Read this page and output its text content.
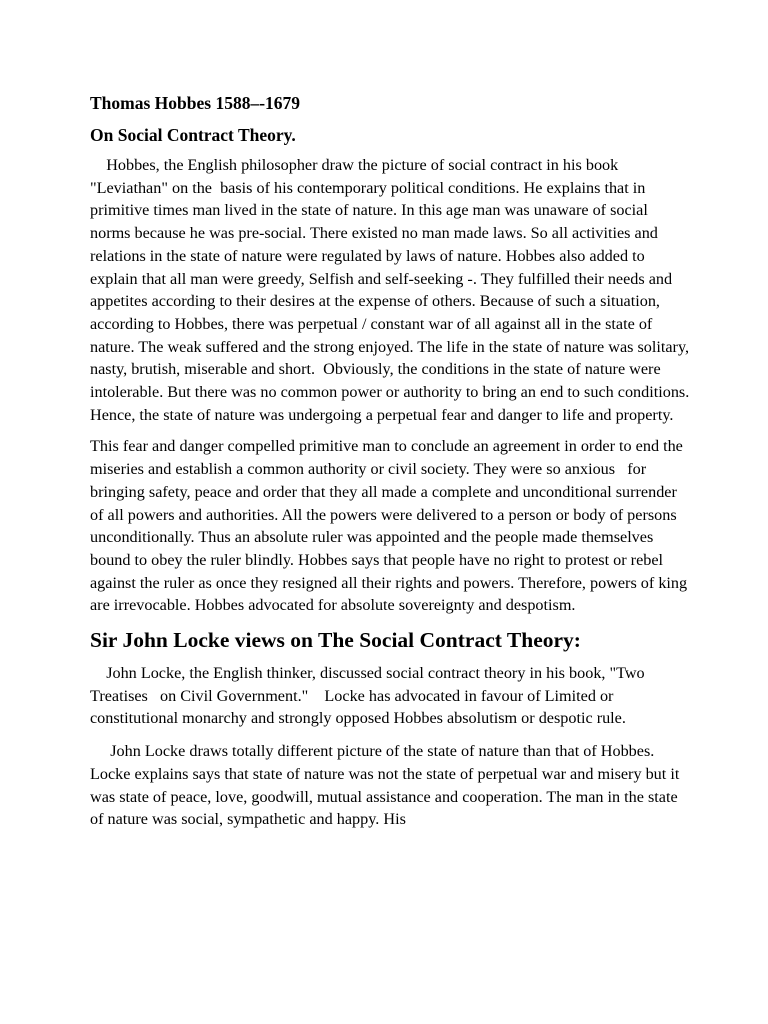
Thomas Hobbes 1588–-1679
On Social Contract Theory.

Hobbes, the English philosopher draw the picture of social contract in his book "Leviathan" on the  basis of his contemporary political conditions. He explains that in primitive times man lived in the state of nature. In this age man was unaware of social norms because he was pre-social. There existed no man made laws. So all activities and relations in the state of nature were regulated by laws of nature. Hobbes also added to explain that all man were greedy, Selfish and self-seeking -. They fulfilled their needs and appetites according to their desires at the expense of others. Because of such a situation, according to Hobbes, there was perpetual / constant war of all against all in the state of nature. The weak suffered and the strong enjoyed. The life in the state of nature was solitary, nasty, brutish, miserable and short.  Obviously, the conditions in the state of nature were intolerable. But there was no common power or authority to bring an end to such conditions. Hence, the state of nature was undergoing a perpetual fear and danger to life and property.

This fear and danger compelled primitive man to conclude an agreement in order to end the miseries and establish a common authority or civil society. They were so anxious   for bringing safety, peace and order that they all made a complete and unconditional surrender of all powers and authorities. All the powers were delivered to a person or body of persons unconditionally. Thus an absolute ruler was appointed and the people made themselves bound to obey the ruler blindly. Hobbes says that people have no right to protest or rebel against the ruler as once they resigned all their rights and powers. Therefore, powers of king are irrevocable. Hobbes advocated for absolute sovereignty and despotism.

Sir John Locke views on The Social Contract Theory:

John Locke, the English thinker, discussed social contract theory in his book, "Two Treatises   on Civil Government."    Locke has advocated in favour of Limited or constitutional monarchy and strongly opposed Hobbes absolutism or despotic rule.

John Locke draws totally different picture of the state of nature than that of Hobbes. Locke explains says that state of nature was not the state of perpetual war and misery but it was state of peace, love, goodwill, mutual assistance and cooperation. The man in the state of nature was social, sympathetic and happy. His
